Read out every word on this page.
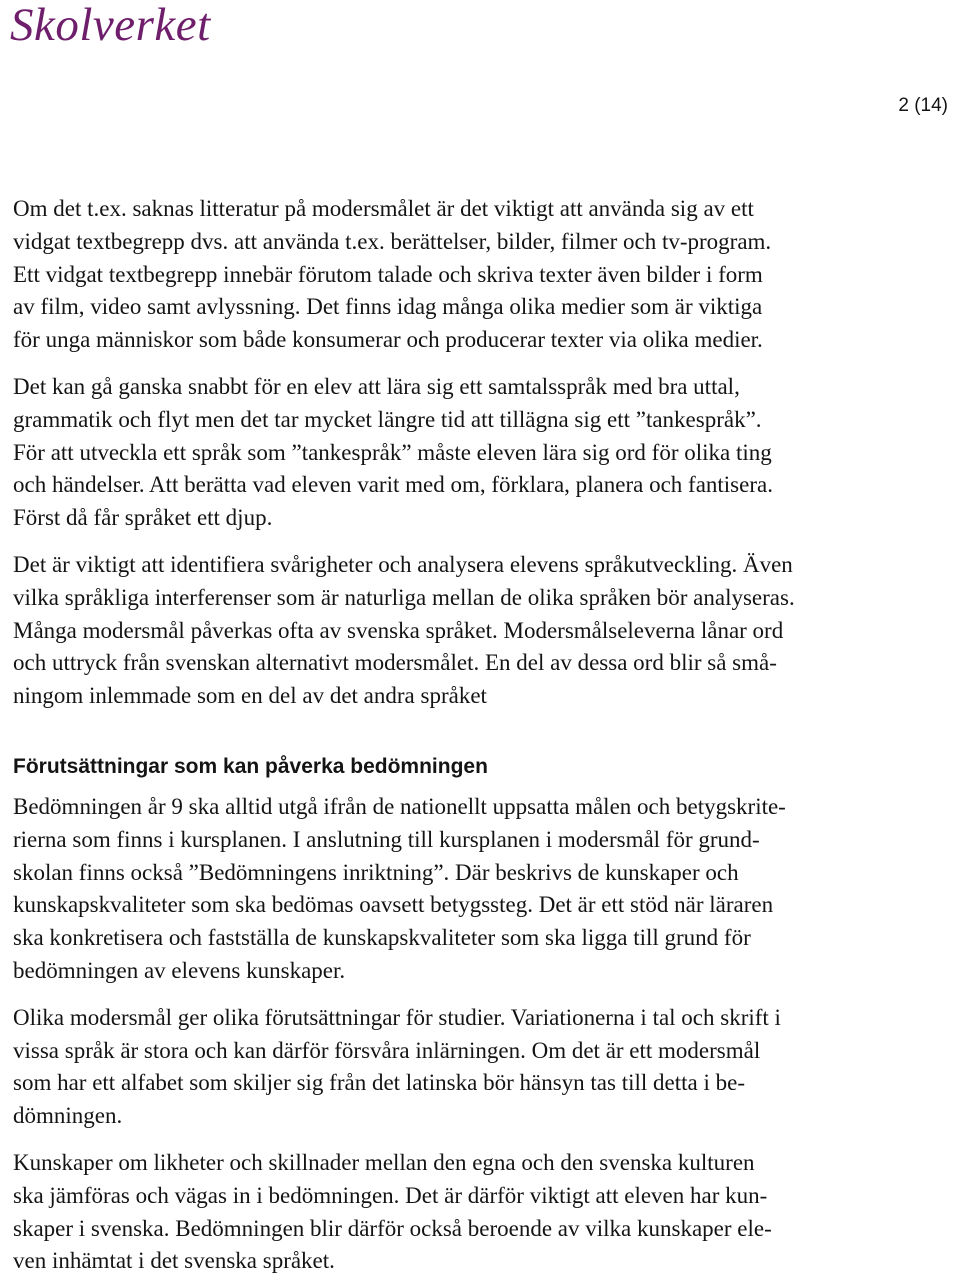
Skolverket
2 (14)

Om det t.ex. saknas litteratur på modersmålet är det viktigt att använda sig av ett
vidgat textbegrepp dvs. att använda t.ex. berättelser, bilder, filmer och tv-program.
Ett vidgat textbegrepp innebär förutom talade och skriva texter även bilder i form
av film, video samt avlyssning. Det finns idag många olika medier som är viktiga
för unga människor som både konsumerar och producerar texter via olika medier.

Det kan gå ganska snabbt för en elev att lära sig ett samtalsspråk med bra uttal,
grammatik och flyt men det tar mycket längre tid att tillägna sig ett ”tankespråk”.
För att utveckla ett språk som ”tankespråk” måste eleven lära sig ord för olika ting
och händelser. Att berätta vad eleven varit med om, förklara, planera och fantisera.
Först då får språket ett djup.

Det är viktigt att identifiera svårigheter och analysera elevens språkutveckling. Även
vilka språkliga interferenser som är naturliga mellan de olika språken bör analyseras.
Många modersmål påverkas ofta av svenska språket. Modersmålseleverna lånar ord
och uttryck från svenskan alternativt modersmålet. En del av dessa ord blir så små-
ningom inlemmade som en del av det andra språket

Förutsättningar som kan påverka bedömningen

Bedömningen år 9 ska alltid utgå ifrån de nationellt uppsatta målen och betygskrite-
rierna som finns i kursplanen. I anslutning till kursplanen i modersmål för grund-
skolan finns också ”Bedömningens inriktning”. Där beskrivs de kunskaper och
kunskapskvaliteter som ska bedömas oavsett betygssteg. Det är ett stöd när läraren
ska konkretisera och fastställa de kunskapskvaliteter som ska ligga till grund för
bedömningen av elevens kunskaper.

Olika modersmål ger olika förutsättningar för studier. Variationerna i tal och skrift i
vissa språk är stora och kan därför försvåra inlärningen. Om det är ett modersmål
som har ett alfabet som skiljer sig från det latinska bör hänsyn tas till detta i be-
dömningen.

Kunskaper om likheter och skillnader mellan den egna och den svenska kulturen
ska jämföras och vägas in i bedömningen. Det är därför viktigt att eleven har kun-
skaper i svenska. Bedömningen blir därför också beroende av vilka kunskaper ele-
ven inhämtat i det svenska språket.
